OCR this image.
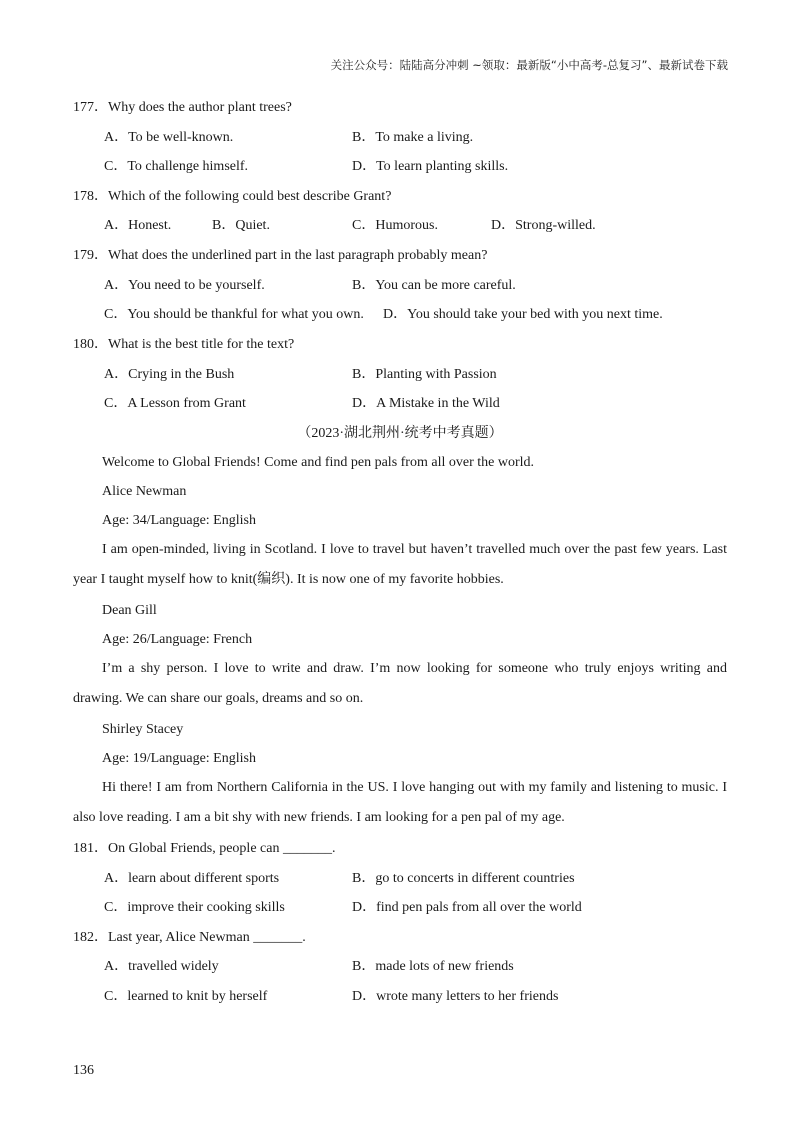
关注公众号：陆陆高分冲刺 ~领取：最新版“小中高考-总复习”、最新试卷下载
177．Why does the author plant trees?
A．To be well-known.	B．To make a living.
C．To challenge himself.	D．To learn planting skills.
178．Which of the following could best describe Grant?
A．Honest.	B．Quiet.	C．Humorous.	D．Strong-willed.
179．What does the underlined part in the last paragraph probably mean?
A．You need to be yourself.	B．You can be more careful.
C．You should be thankful for what you own. D．You should take your bed with you next time.
180．What is the best title for the text?
A．Crying in the Bush	B．Planting with Passion
C．A Lesson from Grant	D．A Mistake in the Wild
（2023·湖北荆州·统考中考真题）
Welcome to Global Friends! Come and find pen pals from all over the world.
Alice Newman
Age: 34/Language: English
I am open-minded, living in Scotland. I love to travel but haven’t travelled much over the past few years. Last year I taught myself how to knit(编织). It is now one of my favorite hobbies.
Dean Gill
Age: 26/Language: French
I’m a shy person. I love to write and draw. I’m now looking for someone who truly enjoys writing and drawing. We can share our goals, dreams and so on.
Shirley Stacey
Age: 19/Language: English
Hi there! I am from Northern California in the US. I love hanging out with my family and listening to music. I also love reading. I am a bit shy with new friends. I am looking for a pen pal of my age.
181．On Global Friends, people can _______.
A．learn about different sports	B．go to concerts in different countries
C．improve their cooking skills	D．find pen pals from all over the world
182．Last year, Alice Newman _______.
A．travelled widely	B．made lots of new friends
C．learned to knit by herself	D．wrote many letters to her friends
136
